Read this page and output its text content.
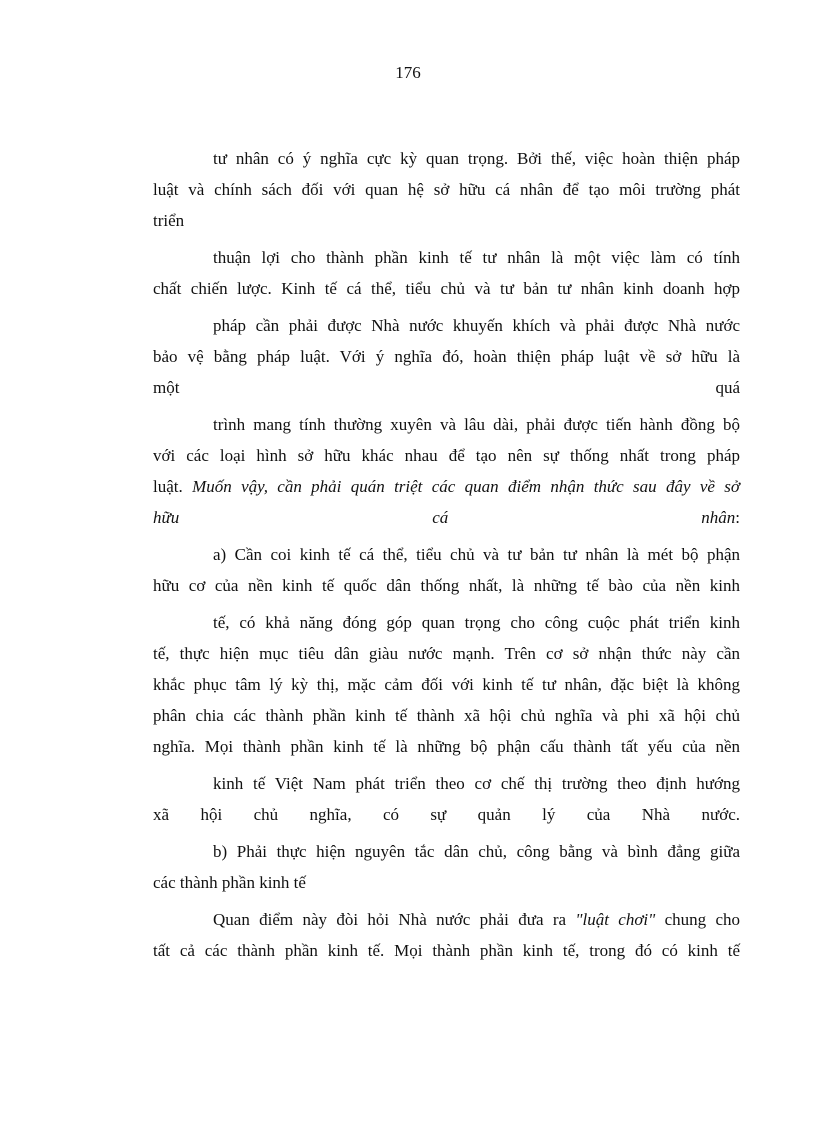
176

tư nhân có ý nghĩa cực kỳ quan trọng. Bởi thế, việc hoàn thiện pháp
luật và chính sách đối với quan hệ sở hữu cá nhân để tạo môi trường phát
triển

thuận lợi cho thành phần kinh tế tư nhân là một việc làm có tính
chất chiến lược. Kinh tế cá thể, tiểu chủ và tư bản tư nhân kinh doanh hợp

pháp cần phải được Nhà nước khuyến khích và phải được Nhà nước
bảo vệ bằng pháp luật. Với ý nghĩa đó, hoàn thiện pháp luật về sở hữu là
một quá

trình mang tính thường xuyên và lâu dài, phải được tiến hành đồng bộ
với các loại hình sở hữu khác nhau để tạo nên sự thống nhất trong pháp
luật. Muốn vậy, cần phải quán triệt các quan điểm nhận thức sau đây về sở
hữu cá nhân:

a) Cần coi kinh tế cá thể, tiểu chủ và tư bản tư nhân là mét bộ phận
hữu cơ của nền kinh tế quốc dân thống nhất, là những tế bào của nền kinh

tế, có khả năng đóng góp quan trọng cho công cuộc phát triển kinh
tế, thực hiện mục tiêu dân giàu nước mạnh. Trên cơ sở nhận thức này cần
khắc phục tâm lý kỳ thị, mặc cảm đối với kinh tế tư nhân, đặc biệt là không
phân chia các thành phần kinh tế thành xã hội chủ nghĩa và phi xã hội chủ
nghĩa. Mọi thành phần kinh tế là những bộ phận cấu thành tất yếu của nền

kinh tế Việt Nam phát triển theo cơ chế thị trường theo định hướng
xã hội chủ nghĩa, có sự quản lý của Nhà nước.

b) Phải thực hiện nguyên tắc dân chủ, công bằng và bình đẳng giữa
các thành phần kinh tế

Quan điểm này đòi hỏi Nhà nước phải đưa ra "luật chơi" chung cho
tất cả các thành phần kinh tế. Mọi thành phần kinh tế, trong đó có kinh tế
